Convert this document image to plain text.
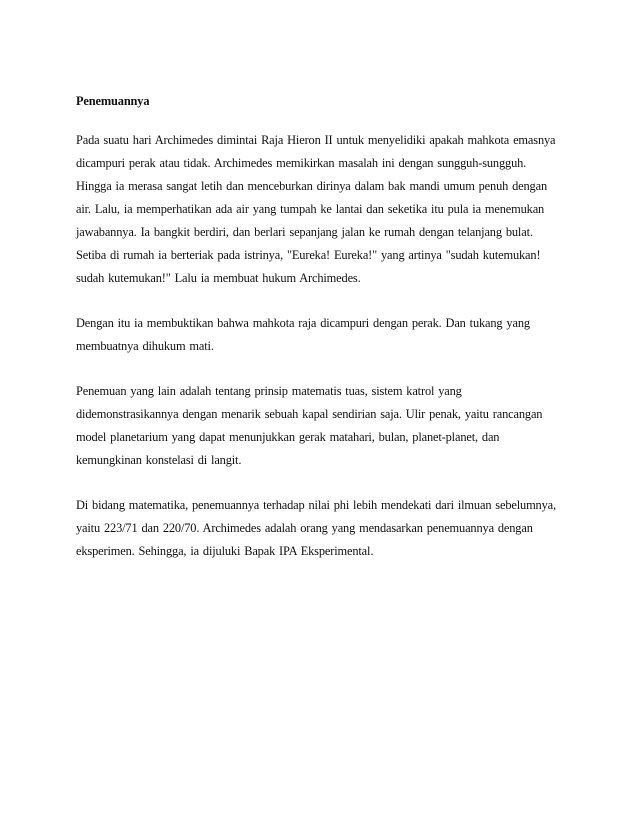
Penemuannya
Pada suatu hari Archimedes dimintai Raja Hieron II untuk menyelidiki apakah mahkota emasnya
dicampuri perak atau tidak. Archimedes memikirkan masalah ini dengan sungguh-sungguh.
Hingga ia merasa sangat letih dan menceburkan dirinya dalam bak mandi umum penuh dengan
air. Lalu, ia memperhatikan ada air yang tumpah ke lantai dan seketika itu pula ia menemukan
jawabannya. Ia bangkit berdiri, dan berlari sepanjang jalan ke rumah dengan telanjang bulat.
Setiba di rumah ia berteriak pada istrinya, "Eureka! Eureka!" yang artinya "sudah kutemukan!
sudah kutemukan!" Lalu ia membuat hukum Archimedes.
Dengan itu ia membuktikan bahwa mahkota raja dicampuri dengan perak. Dan tukang yang
membuatnya dihukum mati.
Penemuan yang lain adalah tentang prinsip matematis tuas, sistem katrol yang
didemonstrasikannya dengan menarik sebuah kapal sendirian saja. Ulir penak, yaitu rancangan
model planetarium yang dapat menunjukkan gerak matahari, bulan, planet-planet, dan
kemungkinan konstelasi di langit.
Di bidang matematika, penemuannya terhadap nilai phi lebih mendekati dari ilmuan sebelumnya,
yaitu 223/71 dan 220/70. Archimedes adalah orang yang mendasarkan penemuannya dengan
eksperimen. Sehingga, ia dijuluki Bapak IPA Eksperimental.
